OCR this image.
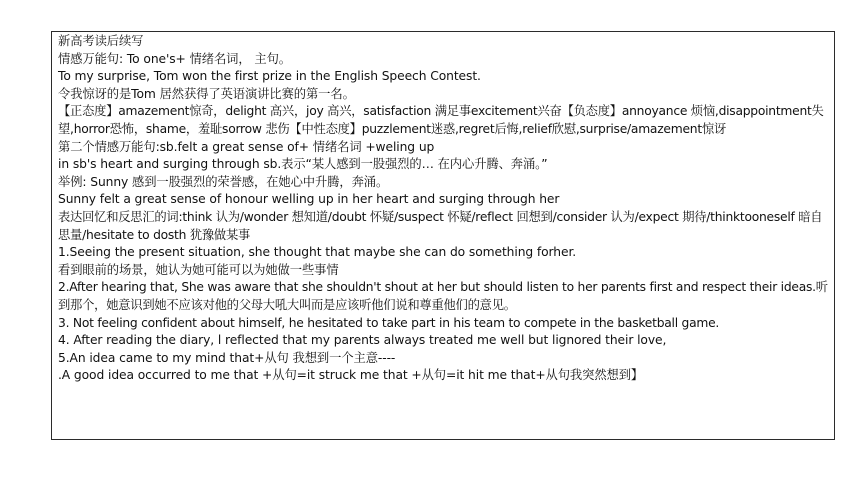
新高考读后续写
情感万能句: To one's+ 情绪名词， 主句。
To my surprise, Tom won the first prize in the English Speech Contest.
令我惊讶的是Tom 居然获得了英语演讲比赛的第一名。
【正态度】amazement惊奇，delight 高兴，joy 高兴，satisfaction 满足事excitement兴奋【负态度】annoyance 烦恼,disappointment失望,horror恐怖，shame，羞耻sorrow 悲伤【中性态度】puzzlement迷惑,regret后悔,relief欣慰,surprise/amazement惊讶
第二个情感万能句:sb.felt a great sense of+ 情绪名词 +weling up
in sb's heart and surging through sb.表示“某人感到一股强烈的… 在内心升腾、奔涌。”
举例: Sunny 感到一股强烈的荣誉感，在她心中升腾，奔涌。
Sunny felt a great sense of honour welling up in her heart and surging through her
表达回忆和反思汇的词:think 认为/wonder 想知道/doubt 怀疑/suspect 怀疑/reflect 回想到/consider 认为/expect 期待/thinktooneself 暗自思量/hesitate to dosth 犹豫做某事
1.Seeing the present situation, she thought that maybe she can do something forher.
看到眼前的场景，她认为她可能可以为她做一些事情
2.After hearing that, She was aware that she shouldn't shout at her but should listen to her parents first and respect their ideas.听到那个，她意识到她不应该对他的父母大吼大叫而是应该听他们说和尊重他们的意见。
3. Not feeling confident about himself, he hesitated to take part in his team to compete in the basketball game.
4. After reading the diary, l reflected that my parents always treated me well but lignored their love,
5.An idea came to my mind that+从句 我想到一个主意----
.A good idea occurred to me that +从句=it struck me that +从句=it hit me that+从句我突然想到】
